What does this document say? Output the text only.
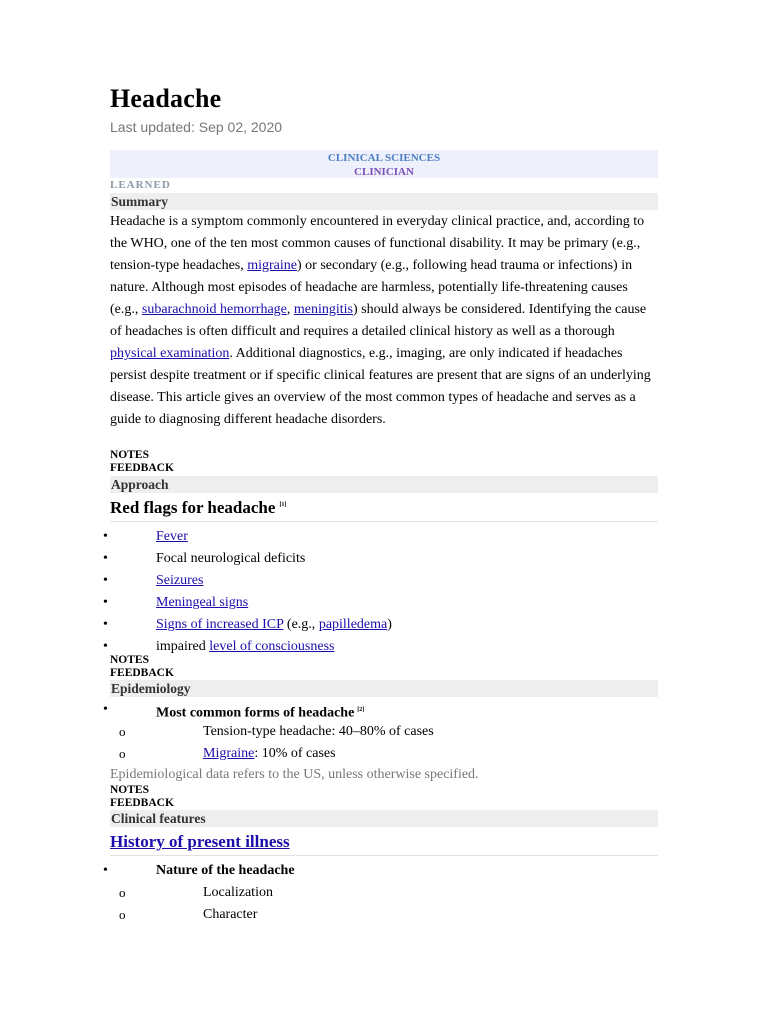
Headache
Last updated: Sep 02, 2020
CLINICAL SCIENCES
CLINICIAN
LEARNED
Summary
Headache is a symptom commonly encountered in everyday clinical practice, and, according to the WHO, one of the ten most common causes of functional disability. It may be primary (e.g., tension-type headaches, migraine) or secondary (e.g., following head trauma or infections) in nature. Although most episodes of headache are harmless, potentially life-threatening causes (e.g., subarachnoid hemorrhage, meningitis) should always be considered. Identifying the cause of headaches is often difficult and requires a detailed clinical history as well as a thorough physical examination. Additional diagnostics, e.g., imaging, are only indicated if headaches persist despite treatment or if specific clinical features are present that are signs of an underlying disease. This article gives an overview of the most common types of headache and serves as a guide to diagnosing different headache disorders.
NOTES
FEEDBACK
Approach
Red flags for headache [1]
•	Fever
•	Focal neurological deficits
•	Seizures
•	Meningeal signs
•	Signs of increased ICP (e.g., papilledema)
•	impaired level of consciousness
NOTES
FEEDBACK
Epidemiology
•	Most common forms of headache [2]
o	Tension-type headache: 40–80% of cases
o	Migraine: 10% of cases
Epidemiological data refers to the US, unless otherwise specified.
NOTES
FEEDBACK
Clinical features
History of present illness
•	Nature of the headache
o	Localization
o	Character
